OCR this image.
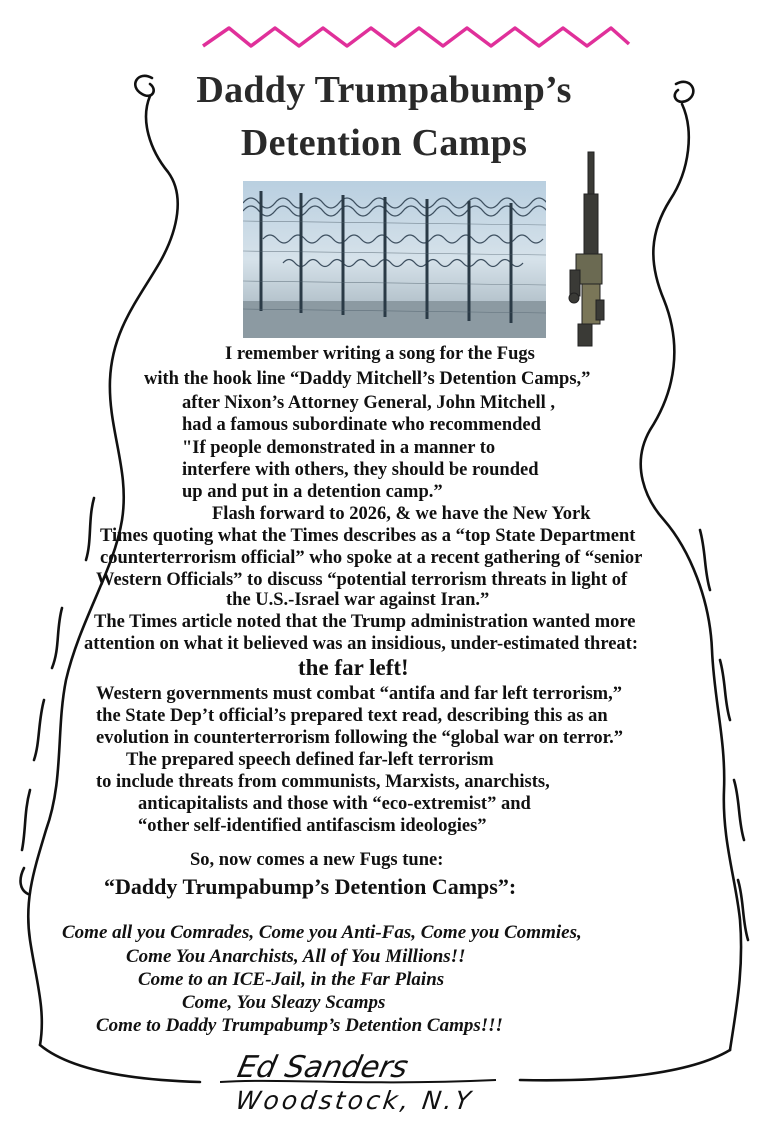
Daddy Trumpabump’s
Detention Camps
I remember writing a song for the Fugs
with the hook line “Daddy Mitchell’s Detention Camps,”
after Nixon’s Attorney General, John Mitchell ,
had a famous subordinate who recommended
"If people demonstrated in a manner to
interfere with others, they should be rounded
up and put in a detention camp.”
Flash forward to 2026, & we have the New York
Times quoting what the Times describes as a “top State Department
counterterrorism official” who spoke at a recent gathering of “senior
Western Officials” to discuss “potential terrorism threats in light of
the U.S.-Israel war against Iran.”
The Times article noted that the Trump administration wanted more
attention on what it believed was an insidious, under-estimated threat:
the far left!
Western governments must combat “antifa and far left terrorism,”
the State Dep’t official’s prepared text read, describing this as an
evolution in counterterrorism following the “global war on terror.”
The prepared speech defined far-left terrorism
to include threats from communists, Marxists, anarchists,
anticapitalists and those with “eco-extremist” and
“other self-identified antifascism ideologies”
So, now comes a new Fugs tune:
“Daddy Trumpabump’s Detention Camps”:
Come all you Comrades, Come you Anti-Fas, Come you Commies,
Come You Anarchists, All of You Millions!!
Come to an ICE-Jail, in the Far Plains
Come, You Sleazy Scamps
Come to Daddy Trumpabump’s Detention Camps!!!
Ed Sanders
Woodstock, N.Y
